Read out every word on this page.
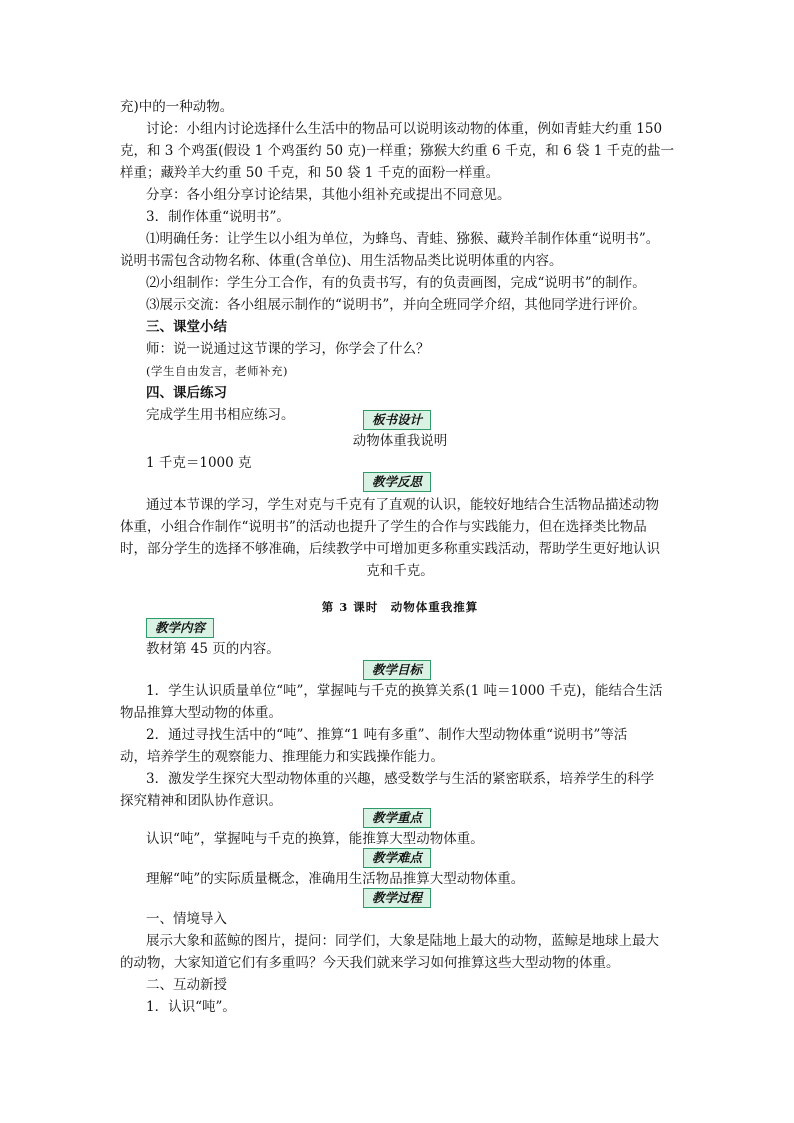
充)中的一种动物。
讨论：小组内讨论选择什么生活中的物品可以说明该动物的体重，例如青蛙大约重 150
克，和 3 个鸡蛋(假设 1 个鸡蛋约 50 克)一样重；猕猴大约重 6 千克，和 6 袋 1 千克的盐一
样重；藏羚羊大约重 50 千克，和 50 袋 1 千克的面粉一样重。
分享：各小组分享讨论结果，其他小组补充或提出不同意见。
3．制作体重“说明书”。
⑴明确任务：让学生以小组为单位，为蜂鸟、青蛙、猕猴、藏羚羊制作体重“说明书”。
说明书需包含动物名称、体重(含单位)、用生活物品类比说明体重的内容。
⑵小组制作：学生分工合作，有的负责书写，有的负责画图，完成“说明书”的制作。
⑶展示交流：各小组展示制作的“说明书”，并向全班同学介绍，其他同学进行评价。
三、课堂小结
师：说一说通过这节课的学习，你学会了什么？
(学生自由发言，老师补充)
四、课后练习
完成学生用书相应练习。	板书设计
动物体重我说明
1 千克＝1000 克
教学反思
通过本节课的学习，学生对克与千克有了直观的认识，能较好地结合生活物品描述动物
体重，小组合作制作“说明书”的活动也提升了学生的合作与实践能力，但在选择类比物品
时，部分学生的选择不够准确，后续教学中可增加更多称重实践活动，帮助学生更好地认识
克和千克。
第 3 课时　动物体重我推算
教学内容
教材第 45 页的内容。
教学目标
1．学生认识质量单位“吨”，掌握吨与千克的换算关系(1 吨＝1000 千克)，能结合生活
物品推算大型动物的体重。
2．通过寻找生活中的“吨”、推算“1 吨有多重”、制作大型动物体重“说明书”等活
动，培养学生的观察能力、推理能力和实践操作能力。
3．激发学生探究大型动物体重的兴趣，感受数学与生活的紧密联系，培养学生的科学
探究精神和团队协作意识。
教学重点
认识“吨”，掌握吨与千克的换算，能推算大型动物体重。
教学难点
理解“吨”的实际质量概念，准确用生活物品推算大型动物体重。
教学过程
一、情境导入
展示大象和蓝鲸的图片，提问：同学们，大象是陆地上最大的动物，蓝鲸是地球上最大
的动物，大家知道它们有多重吗？今天我们就来学习如何推算这些大型动物的体重。
二、互动新授
1．认识“吨”。
